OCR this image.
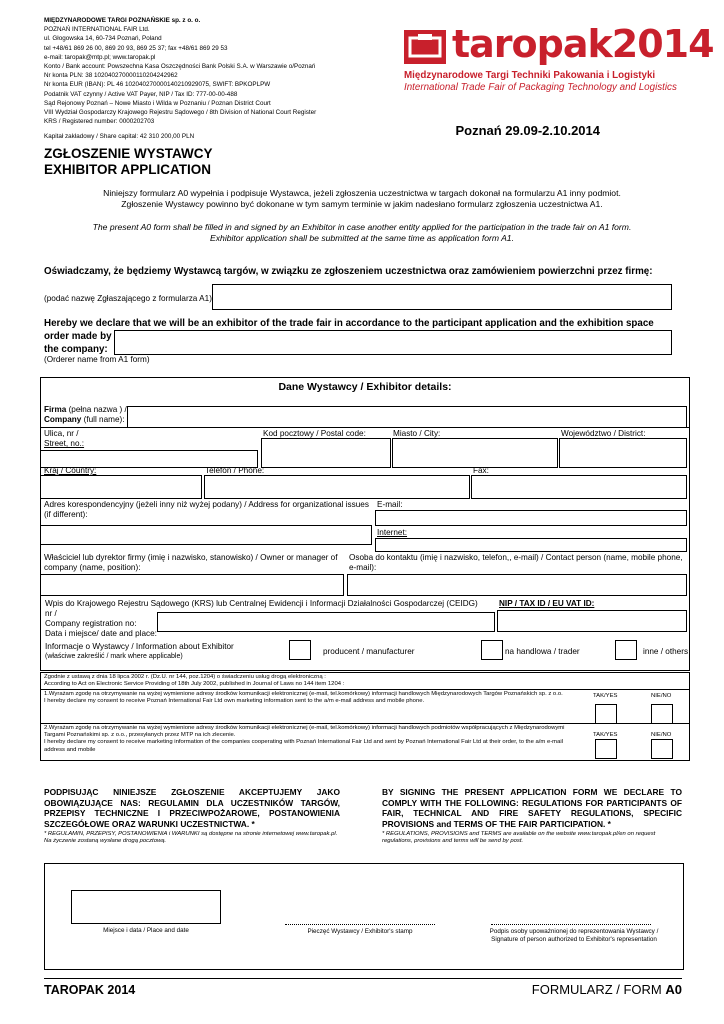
MIĘDZYNARODOWE TARGI POZNAŃSKIE sp. z o. o.
POZNAŃ INTERNATIONAL FAIR Ltd.
ul. Głogowska 14, 60-734 Poznań, Poland
tel +48/61 869 26 00, 869 20 93, 869 25 37; fax +48/61 869 29 53
e-mail: taropak@mtp.pl; www.taropak.pl
Konto / Bank account: Powszechna Kasa Oszczędności Bank Polski S.A. w Warszawie o/Poznań
Nr konta PLN: 38 102040270000110204242962
Nr konta EUR (IBAN): PL 46 102040270000140210929075, SWIFT: BPKOPLPW
Podatnik VAT czynny / Active VAT Payer, NIP / Tax ID: 777-00-00-488
Sąd Rejonowy Poznań – Nowe Miasto i Wilda w Poznaniu / Poznan District Court
VIII Wydział Gospodarczy Krajowego Rejestru Sądowego / 8th Division of National Court Register
KRS / Registered number: 0000202703
Kapitał zakładowy / Share capital: 42 310 200,00 PLN
taropak2014
Międzynarodowe Targi Techniki Pakowania i Logistyki
International Trade Fair of Packaging Technology and Logistics
Poznań 29.09-2.10.2014
ZGŁOSZENIE WYSTAWCY
EXHIBITOR APPLICATION
Niniejszy formularz A0 wypełnia i podpisuje Wystawca, jeżeli zgłoszenia uczestnictwa w targach dokonał na formularzu A1 inny podmiot.
Zgłoszenie Wystawcy powinno być dokonane w tym samym terminie w jakim nadesłano formularz zgłoszenia uczestnictwa A1.
The present A0 form shall be filled in and signed by an Exhibitor in case another entity applied for the participation in the trade fair on A1 form.
Exhibitor application shall be submitted at the same time as application form A1.
Oświadczamy, że będziemy Wystawcą targów, w związku ze zgłoszeniem uczestnictwa oraz zamówieniem powierzchni przez firmę:
(podać nazwę Zgłaszającego z formularza A1)
Hereby we declare that we will be an exhibitor of the trade fair in accordance to the participant application and the exhibition space order made by
the company:
(Orderer name from A1 form)
Dane Wystawcy / Exhibitor details:
Firma (pełna nazwa ) /
Company (full name):
Ulica, nr /
Street, no.:
Kod pocztowy / Postal code:	Miasto / City:	Województwo / District:
Kraj / Country:	Telefon / Phone:	Fax:
Adres korespondencyjny (jeżeli inny niż wyżej podany) / Address for organizational issues (if different):
E-mail:
Internet:
Właściciel lub dyrektor firmy (imię i nazwisko, stanowisko) / Owner or manager of company (name, position):
Osoba do kontaktu (imię i nazwisko, telefon,, e-mail) / Contact person (name, mobile phone, e-mail):
Wpis do Krajowego Rejestru Sądowego (KRS) lub Centralnej Ewidencji i Informacji Działalności Gospodarczej (CEIDG) nr /
Company registration no:
Data i miejsce/ date and place:
NIP / TAX ID / EU VAT ID:
Informacje o Wystawcy / Information about Exhibitor
(właściwe zakreślić / mark where applicable)
producent / manufacturer	na handlowa / trader	inne / others
Zgodnie z ustawą z dnia 18 lipca 2002 r. (Dz.U. nr 144, poz.1204) o świadczeniu usług drogą elektroniczną :
According to Act on Electronic Service Providing of 18th July 2002, published in Journal of Laws no 144 item 1204 :
1.Wyrażam zgodę na otrzymywanie na wyżej wymienione adresy środków komunikacji elektronicznej (e-mail, tel.komórkowy) informacji handlowych Międzynarodowych Targów Poznańskich sp. z o.o.
I hereby declare my consent to receive Poznań International Fair Ltd own marketing information sent to the a/m e-mail address and mobile phone.
TAK/YES	NIE/NO
2.Wyrażam zgodę na otrzymywanie na wyżej wymienione adresy środków komunikacji elektronicznej (e-mail, tel.komórkowy) informacji handlowych podmiotów współpracujących z Międzynarodowymi Targami Poznańskimi sp. z o.o., przesyłanych przez MTP na ich zlecenie.
I hereby declare my consent to receive marketing information of the companies cooperating with Poznań International Fair Ltd and sent by Poznań International Fair Ltd at their order, to the a/m e-mail address and mobile
TAK/YES	NIE/NO
PODPISUJĄC NINIEJSZE ZGŁOSZENIE AKCEPTUJEMY JAKO OBOWIĄZUJĄCE NAS: REGULAMIN DLA UCZESTNIKÓW TARGÓW, PRZEPISY TECHNICZNE I PRZECIWPOŻAROWE, POSTANOWIENIA SZCZEGÓŁOWE ORAZ WARUNKI UCZESTNICTWA. *
* REGULAMIN, PRZEPISY, POSTANOWIENIA i WARUNKI są dostępne na stronie internetowej www.taropak.pl. Na życzenie zostaną wysłane drogą pocztową.
BY SIGNING THE PRESENT APPLICATION FORM WE DECLARE TO COMPLY WITH THE FOLLOWING: REGULATIONS FOR PARTICIPANTS OF FAIR, TECHNICAL AND FIRE SAFETY REGULATIONS, SPECIFIC PROVISIONS and TERMS OF THE FAIR PARTICIPATION. *
* REGULATIONS, PROVISIONS and TERMS are available on the website www.taropak.pl/en on request regulations, provisions and terms will be send by post.
Miejsce i data / Place and date	Pieczęć Wystawcy / Exhibitor's stamp	Podpis osoby upoważnionej do reprezentowania Wystawcy /
Signature of person authorized to Exhibitor's representation
TAROPAK 2014	FORMULARZ / FORM A0
